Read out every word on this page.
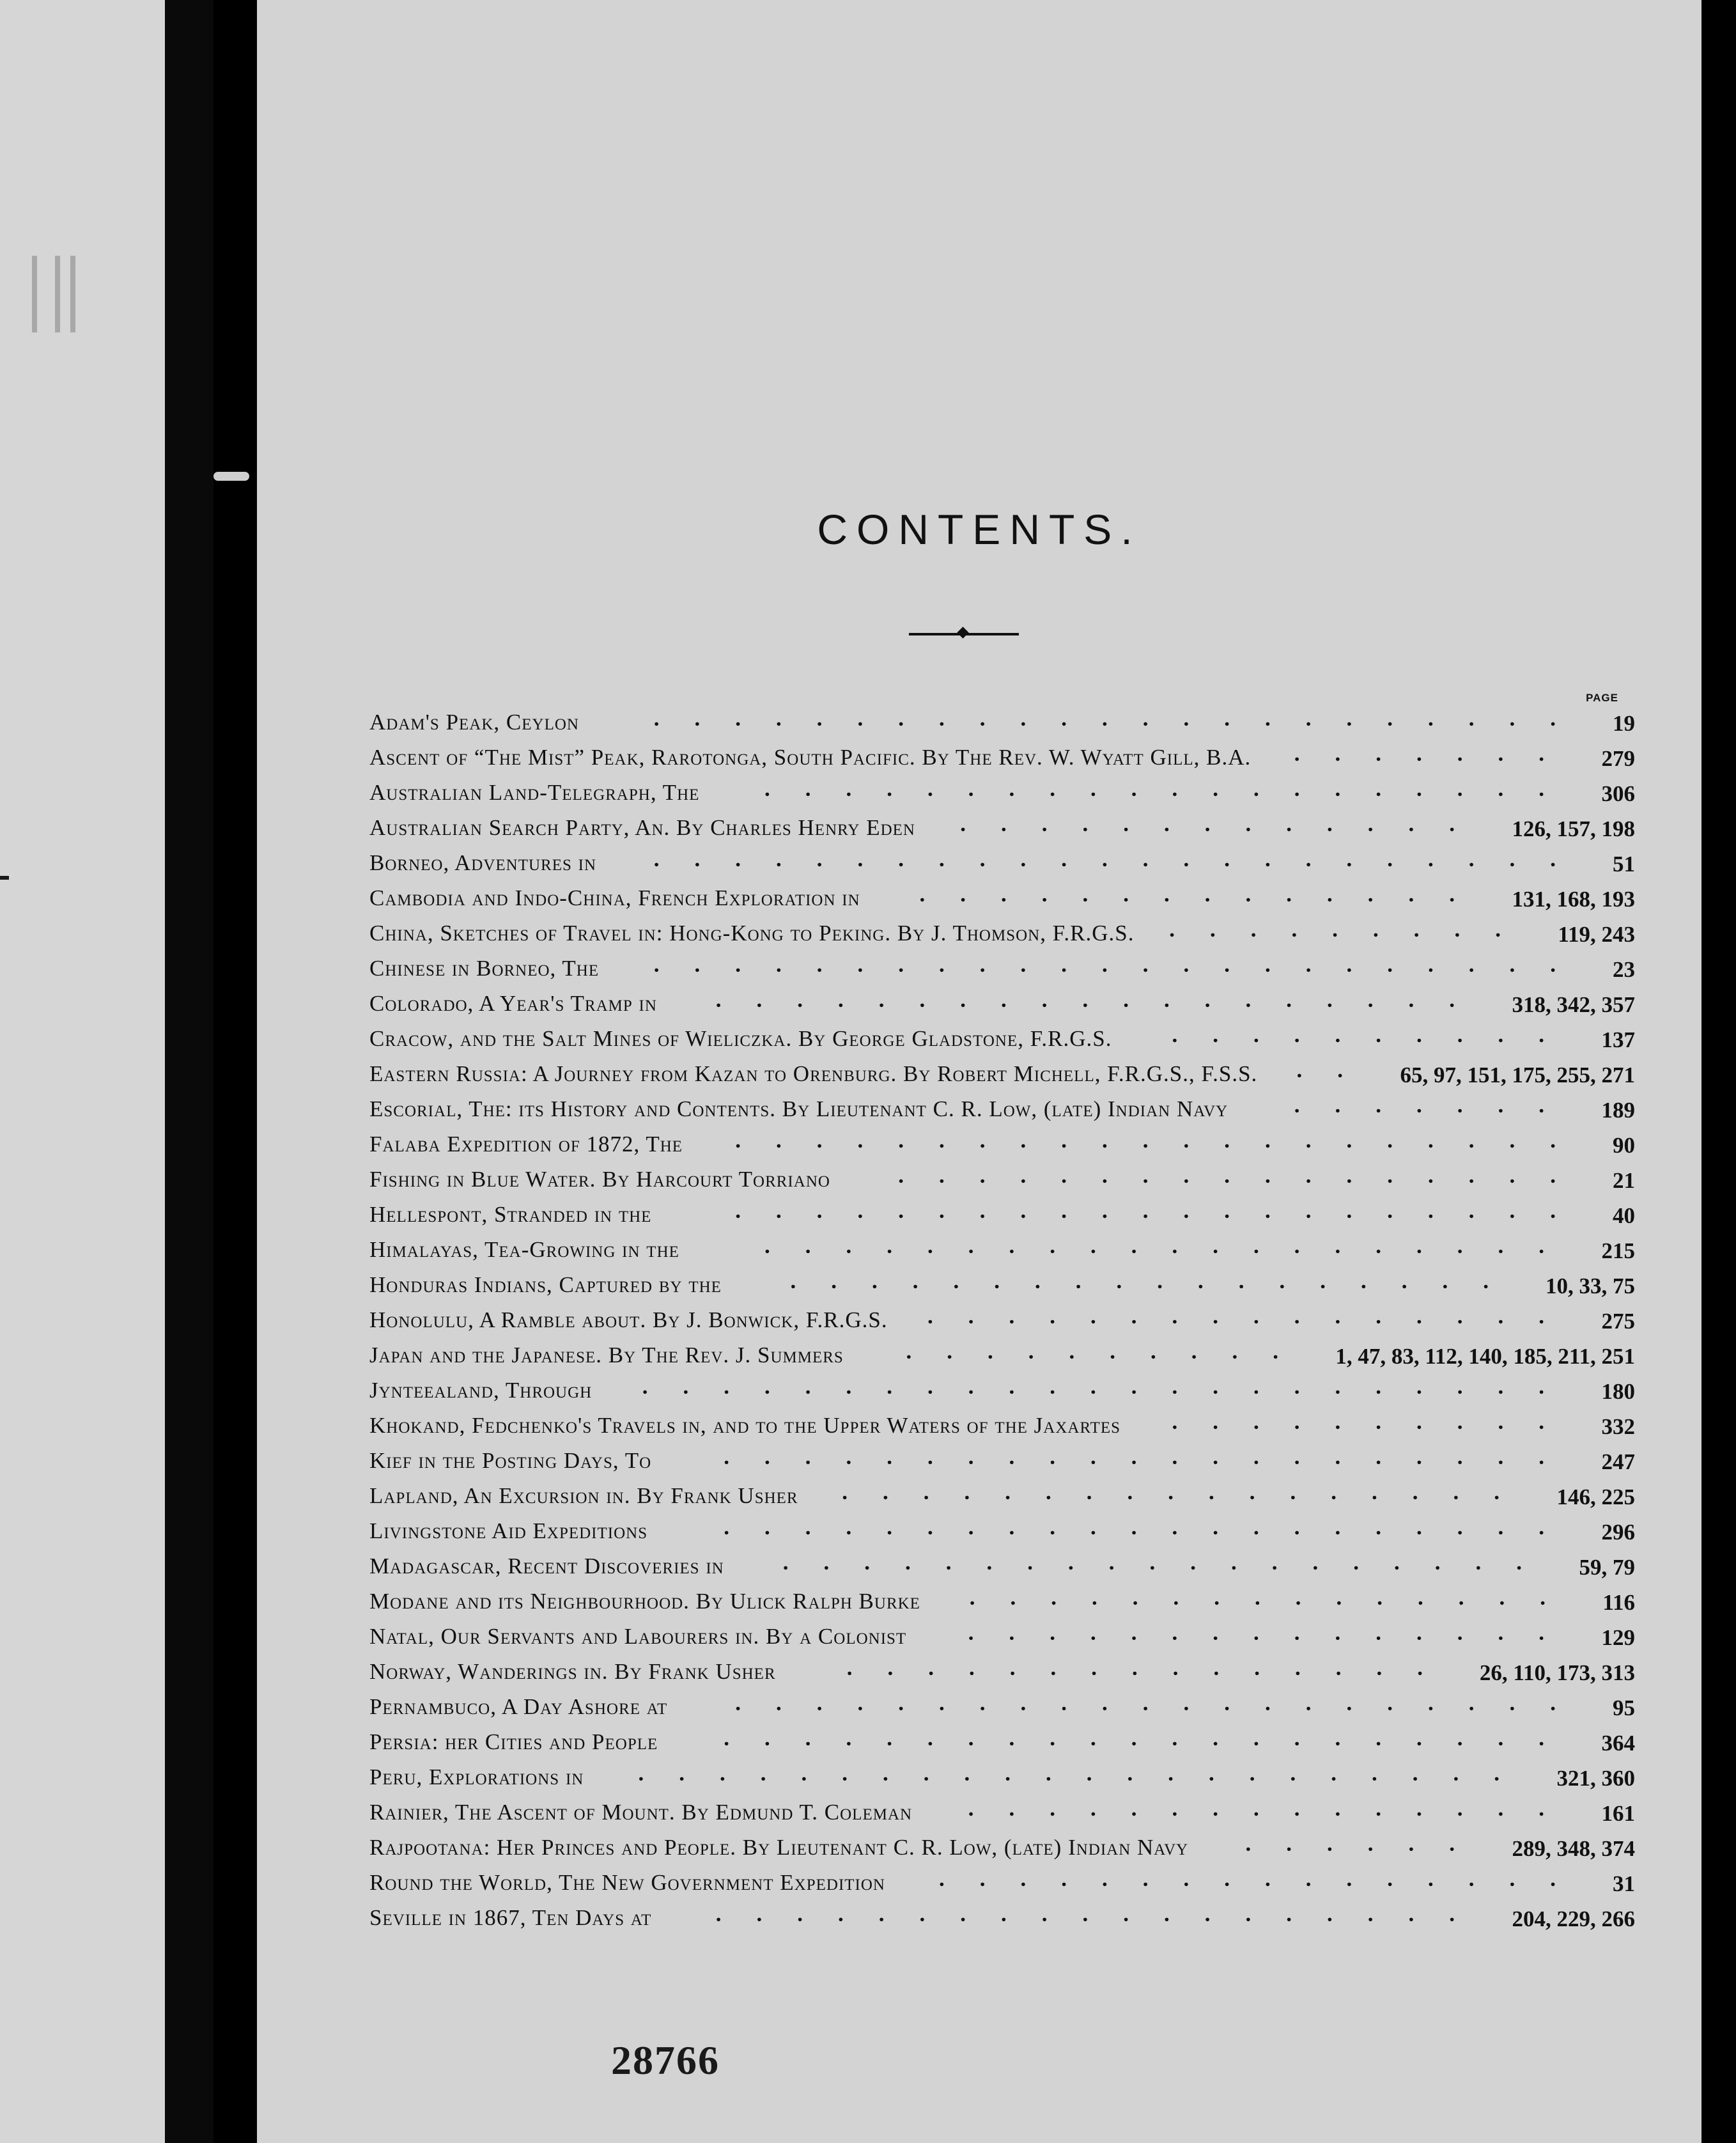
CONTENTS.
PAGE
Adam's Peak, Ceylon	....................... 19
Ascent of “The Mist” Peak, Rarotonga, South Pacific. By The Rev. W. Wyatt Gill, B.A. ....... 279
Australian Land-Telegraph, The	.................... 306
Australian Search Party, An. By Charles Henry Eden ............. 126, 157, 198
Borneo, Adventures in	....................... 51
Cambodia and Indo-China, French Exploration in	.............. 131, 168, 193
China, Sketches of Travel in: Hong-Kong to Peking. By J. Thomson, F.R.G.S. ......... 119, 243
Chinese in Borneo, The ....................... 23
Colorado, A Year's Tramp in	................... 318, 342, 357
Cracow, and the Salt Mines of Wieliczka. By George Gladstone, F.R.G.S.	.......... 137
Eastern Russia: A Journey from Kazan to Orenburg. By Robert Michell, F.R.G.S., F.S.S. .. 65, 97, 151, 175, 255, 271
Escorial, The: its History and Contents. By Lieutenant C. R. Low, (late) Indian Navy	....... 189
Falaba Expedition of 1872, The ..................... 90
Fishing in Blue Water. By Harcourt Torriano	................. 21
Hellespont, Stranded in the	..................... 40
Himalayas, Tea-Growing in the	.................... 215
Honduras Indians, Captured by the	.................. 10, 33, 75
Honolulu, A Ramble about. By J. Bonwick, F.R.G.S. ................ 275
Japan and the Japanese. By The Rev. J. Summers	.......... 1, 47, 83, 112, 140, 185, 211, 251
Jynteealand, Through ....................... 180
Khokand, Fedchenko's Travels in, and to the Upper Waters of the Jaxartes .......... 332
Kief in the Posting Days, To	..................... 247
Lapland, An Excursion in. By Frank Usher ................. 146, 225
Livingstone Aid Expeditions	..................... 296
Madagascar, Recent Discoveries in	................... 59, 79
Modane and its Neighbourhood. By Ulick Ralph Burke ............... 116
Natal, Our Servants and Labourers in. By a Colonist	............... 129
Norway, Wanderings in. By Frank Usher	............... 26, 110, 173, 313
Pernambuco, A Day Ashore at	..................... 95
Persia: her Cities and People	..................... 364
Peru, Explorations in ...................... 321, 360
Rainier, The Ascent of Mount. By Edmund T. Coleman	............... 161
Rajpootana: Her Princes and People. By Lieutenant C. R. Low, (late) Indian Navy	...... 289, 348, 374
Round the World, The New Government Expedition ................ 31
Seville in 1867, Ten Days at	................... 204, 229, 266
28766
